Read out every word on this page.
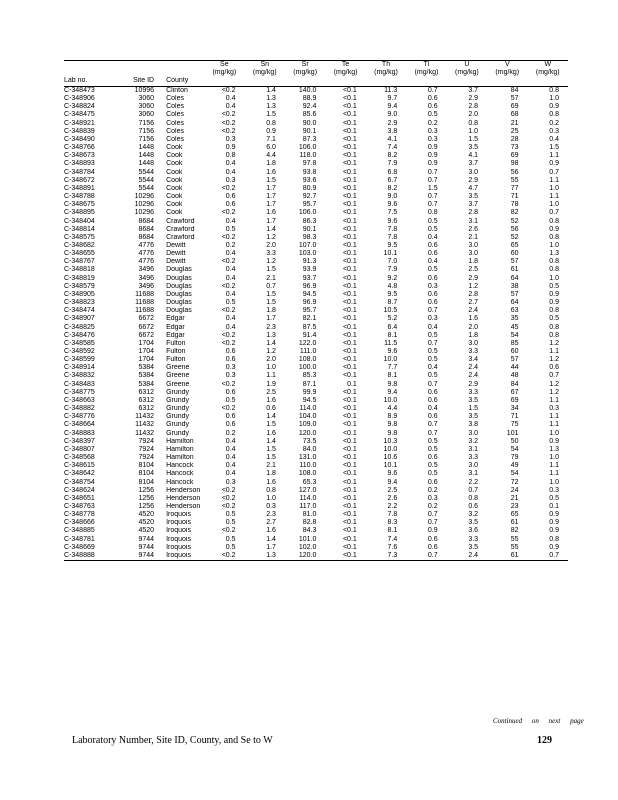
			Se	Sn	Sr	Te	Th	Tl	U	V	W
			(mg/kg)	(mg/kg)	(mg/kg)	(mg/kg)	(mg/kg)	(mg/kg)	(mg/kg)	(mg/kg)	(mg/kg)
Lab no.	Site ID	County									
C-348473	10996	Clinton	<0.2	1.4	140.0	<0.1	11.3	0.7	3.7	84	0.8
C-348906	3060	Coles	0.4	1.3	88.9	<0.1	9.7	0.6	2.9	57	1.0
C-348824	3060	Coles	0.4	1.3	92.4	<0.1	9.4	0.6	2.8	69	0.9
C-348475	3060	Coles	<0.2	1.5	85.6	<0.1	9.0	0.5	2.0	68	0.8
C-348921	7156	Coles	<0.2	0.8	90.0	<0.1	2.9	0.2	0.8	21	0.2
C-348839	7156	Coles	<0.2	0.9	90.1	<0.1	3.8	0.3	1.0	25	0.3
C-348490	7156	Coles	0.3	7.1	87.3	<0.1	4.1	0.3	1.5	28	0.4
C-348766	1448	Cook	0.9	6.0	106.0	<0.1	7.4	0.9	3.5	73	1.5
C-348673	1448	Cook	0.8	4.4	118.0	<0.1	8.2	0.9	4.1	69	1.1
C-348893	1448	Cook	0.4	1.8	97.8	<0.1	7.9	0.9	3.7	98	0.9
C-348784	5544	Cook	0.4	1.6	93.8	<0.1	6.8	0.7	3.0	56	0.7
C-348672	5544	Cook	0.3	1.5	93.6	<0.1	6.7	0.7	2.9	55	1.1
C-348891	5544	Cook	<0.2	1.7	80.9	<0.1	8.2	1.5	4.7	77	1.0
C-348788	10296	Cook	0.6	1.7	92.7	<0.1	9.0	0.7	3.5	71	1.1
C-348675	10296	Cook	0.6	1.7	95.7	<0.1	9.6	0.7	3.7	78	1.0
C-348895	10296	Cook	<0.2	1.6	106.0	<0.1	7.5	0.8	2.8	82	0.7
C-348404	8684	Crawford	0.4	1.7	86.3	<0.1	9.6	0.5	3.1	52	0.8
C-348814	8684	Crawford	0.5	1.4	90.1	<0.1	7.8	0.5	2.6	56	0.9
C-348575	8684	Crawford	<0.2	1.2	98.3	<0.1	7.8	0.4	2.1	52	0.8
C-348682	4776	Dewitt	0.2	2.0	107.0	<0.1	9.5	0.6	3.0	65	1.0
C-348655	4776	Dewitt	0.4	3.3	103.0	<0.1	10.1	0.6	3.0	60	1.3
C-348767	4776	Dewitt	<0.2	1.2	91.3	<0.1	7.0	0.4	1.8	57	0.8
C-348818	3496	Douglas	0.4	1.5	93.9	<0.1	7.9	0.5	2.5	61	0.8
C-348819	3496	Douglas	0.4	2.1	93.7	<0.1	9.2	0.6	2.9	64	1.0
C-348579	3496	Douglas	<0.2	0.7	96.9	<0.1	4.8	0.3	1.2	38	0.5
C-348905	11688	Douglas	0.4	1.5	94.5	<0.1	9.5	0.6	2.8	57	0.9
C-348823	11688	Douglas	0.5	1.5	96.9	<0.1	8.7	0.6	2.7	64	0.9
C-348474	11688	Douglas	<0.2	1.8	95.7	<0.1	10.5	0.7	2.4	63	0.8
C-348907	6672	Edgar	0.4	1.7	82.1	<0.1	5.2	0.3	1.6	35	0.5
C-348825	6672	Edgar	0.4	2.3	87.5	<0.1	6.4	0.4	2.0	45	0.8
C-348476	6672	Edgar	<0.2	1.3	91.4	<0.1	8.1	0.5	1.8	54	0.8
C-348585	1704	Fulton	<0.2	1.4	122.0	<0.1	11.5	0.7	3.0	85	1.2
C-348592	1704	Fulton	0.6	1.2	111.0	<0.1	9.6	0.5	3.3	60	1.1
C-348599	1704	Fulton	0.6	2.0	108.0	<0.1	10.0	0.5	3.4	57	1.2
C-348914	5384	Greene	0.3	1.0	100.0	<0.1	7.7	0.4	2.4	44	0.6
C-348832	5384	Greene	0.3	1.1	85.3	<0.1	8.1	0.5	2.4	48	0.7
C-348483	5384	Greene	<0.2	1.9	87.1	0.1	9.8	0.7	2.9	84	1.2
C-348775	6312	Grundy	0.6	2.5	99.9	<0.1	9.4	0.6	3.3	67	1.2
C-348663	6312	Grundy	0.5	1.6	94.5	<0.1	10.0	0.6	3.5	69	1.1
C-348882	6312	Grundy	<0.2	0.6	114.0	<0.1	4.4	0.4	1.5	34	0.3
C-348776	11432	Grundy	0.6	1.4	104.0	<0.1	8.9	0.6	3.5	71	1.1
C-348664	11432	Grundy	0.6	1.5	109.0	<0.1	9.8	0.7	3.8	75	1.1
C-348883	11432	Grundy	0.2	1.6	120.0	<0.1	9.8	0.7	3.0	101	1.0
C-348397	7924	Hamilton	0.4	1.4	73.5	<0.1	10.3	0.5	3.2	50	0.9
C-348807	7924	Hamilton	0.4	1.5	84.0	<0.1	10.0	0.5	3.1	54	1.3
C-348568	7924	Hamilton	0.4	1.5	131.0	<0.1	10.6	0.6	3.3	79	1.0
C-348615	8104	Hancock	0.4	2.1	110.0	<0.1	10.1	0.5	3.0	49	1.1
C-348642	8104	Hancock	0.4	1.8	108.0	<0.1	9.6	0.5	3.1	54	1.1
C-348754	8104	Hancock	0.3	1.6	65.3	<0.1	9.4	0.6	2.2	72	1.0
C-348624	1256	Henderson	<0.2	0.8	127.0	<0.1	2.5	0.2	0.7	24	0.3
C-348651	1256	Henderson	<0.2	1.0	114.0	<0.1	2.6	0.3	0.8	21	0.5
C-348763	1256	Henderson	<0.2	0.3	117.0	<0.1	2.2	0.2	0.6	23	0.1
C-348778	4520	Iroquois	0.5	2.3	81.0	<0.1	7.8	0.7	3.2	65	0.9
C-348666	4520	Iroquois	0.5	2.7	82.8	<0.1	8.3	0.7	3.5	61	0.9
C-348885	4520	Iroquois	<0.2	1.6	84.3	<0.1	8.1	0.9	3.6	82	0.9
C-348781	9744	Iroquois	0.5	1.4	101.0	<0.1	7.4	0.6	3.3	55	0.8
C-348669	9744	Iroquois	0.5	1.7	102.0	<0.1	7.6	0.6	3.5	55	0.9
C-348888	9744	Iroquois	<0.2	1.3	120.0	<0.1	7.3	0.7	2.4	61	0.7
Continued on next page
Laboratory Number, Site ID, County, and Se to W	129
